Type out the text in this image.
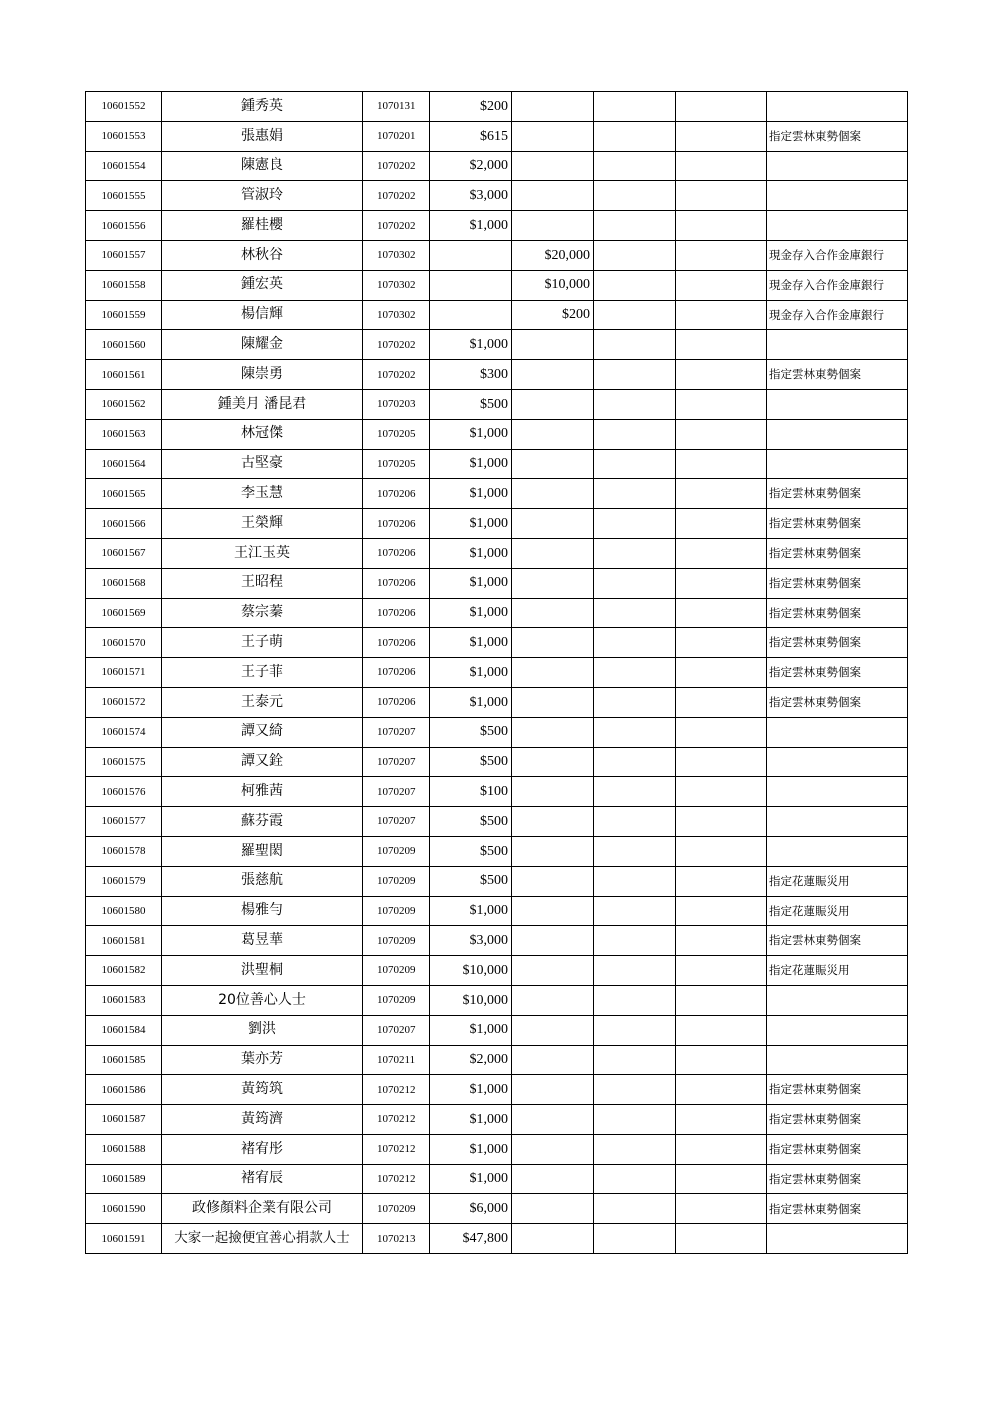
10601552	鍾秀英	1070131	$200				
10601553	張惠娟	1070201	$615				指定雲林東勢個案
10601554	陳憲良	1070202	$2,000				
10601555	管淑玲	1070202	$3,000				
10601556	羅桂櫻	1070202	$1,000				
10601557	林秋谷	1070302		$20,000			現金存入合作金庫銀行
10601558	鍾宏英	1070302		$10,000			現金存入合作金庫銀行
10601559	楊信輝	1070302		$200			現金存入合作金庫銀行
10601560	陳耀金	1070202	$1,000				
10601561	陳崇勇	1070202	$300				指定雲林東勢個案
10601562	鍾美月 潘昆君	1070203	$500				
10601563	林冠傑	1070205	$1,000				
10601564	古堅豪	1070205	$1,000				
10601565	李玉慧	1070206	$1,000				指定雲林東勢個案
10601566	王榮輝	1070206	$1,000				指定雲林東勢個案
10601567	王江玉英	1070206	$1,000				指定雲林東勢個案
10601568	王昭程	1070206	$1,000				指定雲林東勢個案
10601569	蔡宗蓁	1070206	$1,000				指定雲林東勢個案
10601570	王子萌	1070206	$1,000				指定雲林東勢個案
10601571	王子菲	1070206	$1,000				指定雲林東勢個案
10601572	王泰元	1070206	$1,000				指定雲林東勢個案
10601574	譚又綺	1070207	$500				
10601575	譚又銓	1070207	$500				
10601576	柯雅茜	1070207	$100				
10601577	蘇芬霞	1070207	$500				
10601578	羅聖閎	1070209	$500				
10601579	張慈航	1070209	$500				指定花蓮賑災用
10601580	楊雅勻	1070209	$1,000				指定花蓮賑災用
10601581	葛昱華	1070209	$3,000				指定雲林東勢個案
10601582	洪聖桐	1070209	$10,000				指定花蓮賑災用
10601583	20位善心人士	1070209	$10,000				
10601584	劉洪	1070207	$1,000				
10601585	葉亦芳	1070211	$2,000				
10601586	黃筠筑	1070212	$1,000				指定雲林東勢個案
10601587	黃筠濟	1070212	$1,000				指定雲林東勢個案
10601588	褚宥彤	1070212	$1,000				指定雲林東勢個案
10601589	褚宥辰	1070212	$1,000				指定雲林東勢個案
10601590	政修顏料企業有限公司	1070209	$6,000				指定雲林東勢個案
10601591	大家一起撿便宜善心捐款人士	1070213	$47,800				
